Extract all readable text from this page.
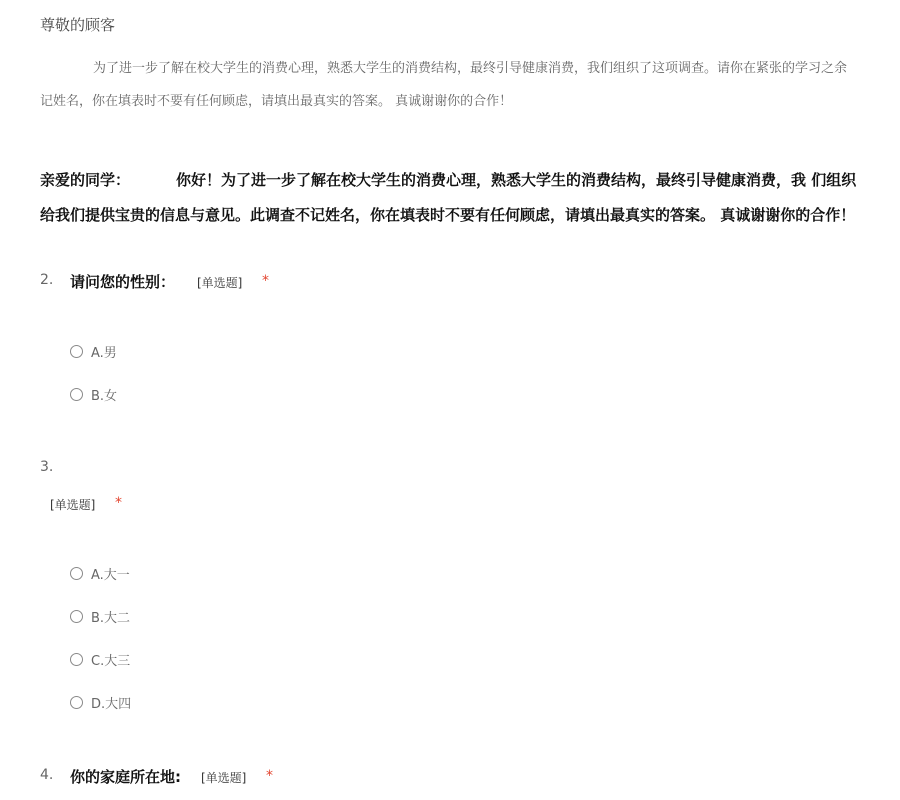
尊敬的顾客
为了进一步了解在校大学生的消费心理，熟悉大学生的消费结构，最终引导健康消费，我们组织了这项调查。请你在紧张的学习之余
记姓名，你在填表时不要有任何顾虑，请填出最真实的答案。 真诚谢谢你的合作！
亲爱的同学：	你好！为了进一步了解在校大学生的消费心理，熟悉大学生的消费结构，最终引导健康消费，我 们组织
给我们提供宝贵的信息与意见。此调查不记姓名，你在填表时不要有任何顾虑，请填出最真实的答案。 真诚谢谢你的合作！
2. 请问您的性别： [单选题] *
A.男
B.女
3.
[单选题] *
A.大一
B.大二
C.大三
D.大四
4. 你的家庭所在地: [单选题] *
